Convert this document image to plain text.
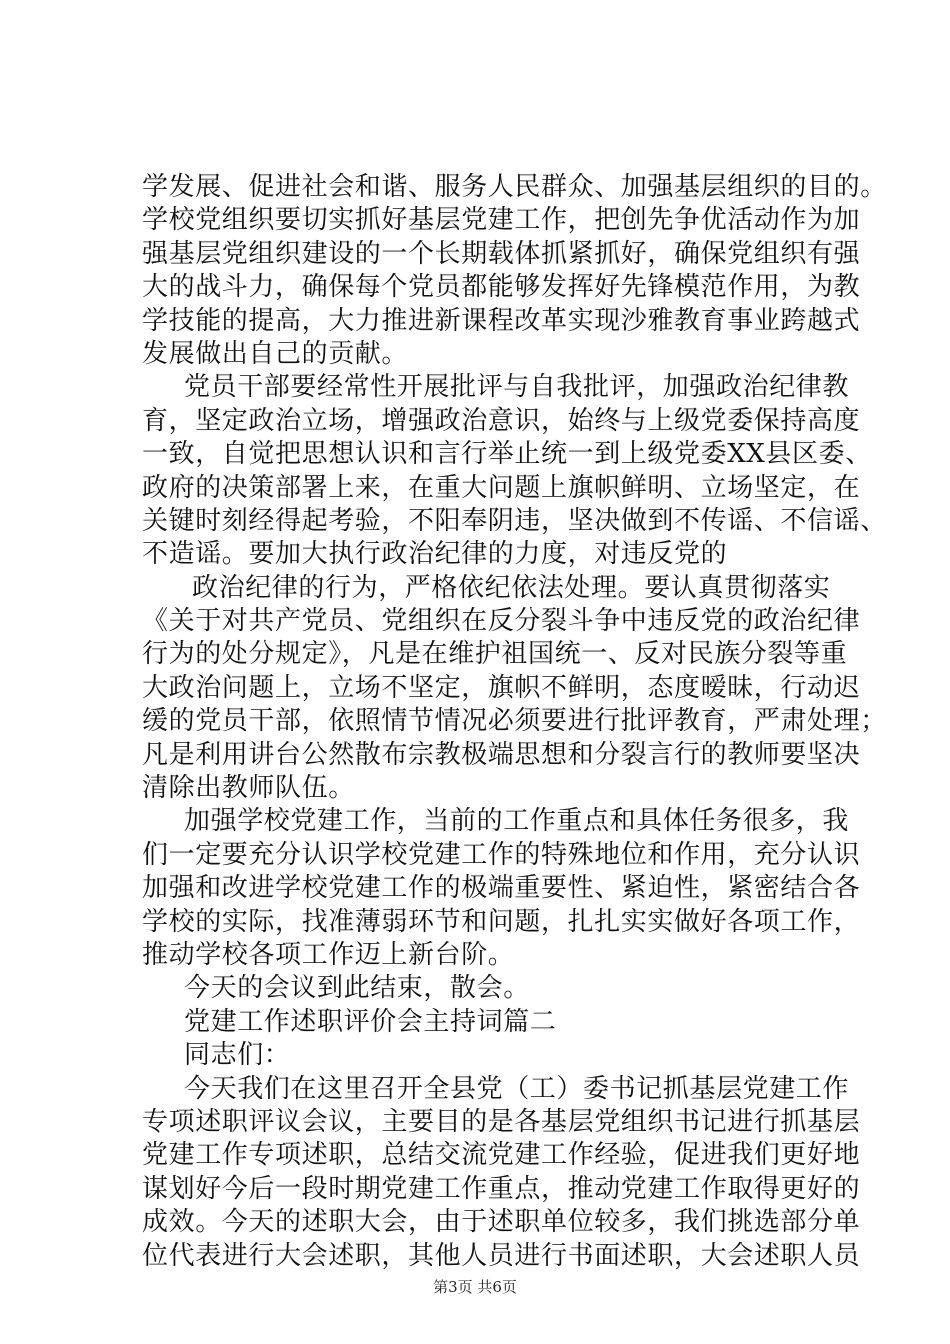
学发展、促进社会和谐、服务人民群众、加强基层组织的目的。
学校党组织要切实抓好基层党建工作，把创先争优活动作为加
强基层党组织建设的一个长期载体抓紧抓好，确保党组织有强
大的战斗力，确保每个党员都能够发挥好先锋模范作用，为教
学技能的提高，大力推进新课程改革实现沙雅教育事业跨越式
发展做出自己的贡献。
党员干部要经常性开展批评与自我批评，加强政治纪律教
育，坚定政治立场，增强政治意识，始终与上级党委保持高度
一致，自觉把思想认识和言行举止统一到上级党委XX县区委、
政府的决策部署上来，在重大问题上旗帜鲜明、立场坚定，在
关键时刻经得起考验，不阳奉阴违，坚决做到不传谣、不信谣、
不造谣。要加大执行政治纪律的力度，对违反党的
政治纪律的行为，严格依纪依法处理。要认真贯彻落实
《关于对共产党员、党组织在反分裂斗争中违反党的政治纪律
行为的处分规定》，凡是在维护祖国统一、反对民族分裂等重
大政治问题上，立场不坚定，旗帜不鲜明，态度暧昧，行动迟
缓的党员干部，依照情节情况必须要进行批评教育，严肃处理；
凡是利用讲台公然散布宗教极端思想和分裂言行的教师要坚决
清除出教师队伍。
加强学校党建工作，当前的工作重点和具体任务很多，我
们一定要充分认识学校党建工作的特殊地位和作用，充分认识
加强和改进学校党建工作的极端重要性、紧迫性，紧密结合各
学校的实际，找准薄弱环节和问题，扎扎实实做好各项工作，
推动学校各项工作迈上新台阶。
今天的会议到此结束，散会。
党建工作述职评价会主持词篇二
同志们：
今天我们在这里召开全县党（工）委书记抓基层党建工作
专项述职评议会议，主要目的是各基层党组织书记进行抓基层
党建工作专项述职，总结交流党建工作经验，促进我们更好地
谋划好今后一段时期党建工作重点，推动党建工作取得更好的
成效。今天的述职大会，由于述职单位较多，我们挑选部分单
位代表进行大会述职，其他人员进行书面述职，大会述职人员
第3页 共6页
